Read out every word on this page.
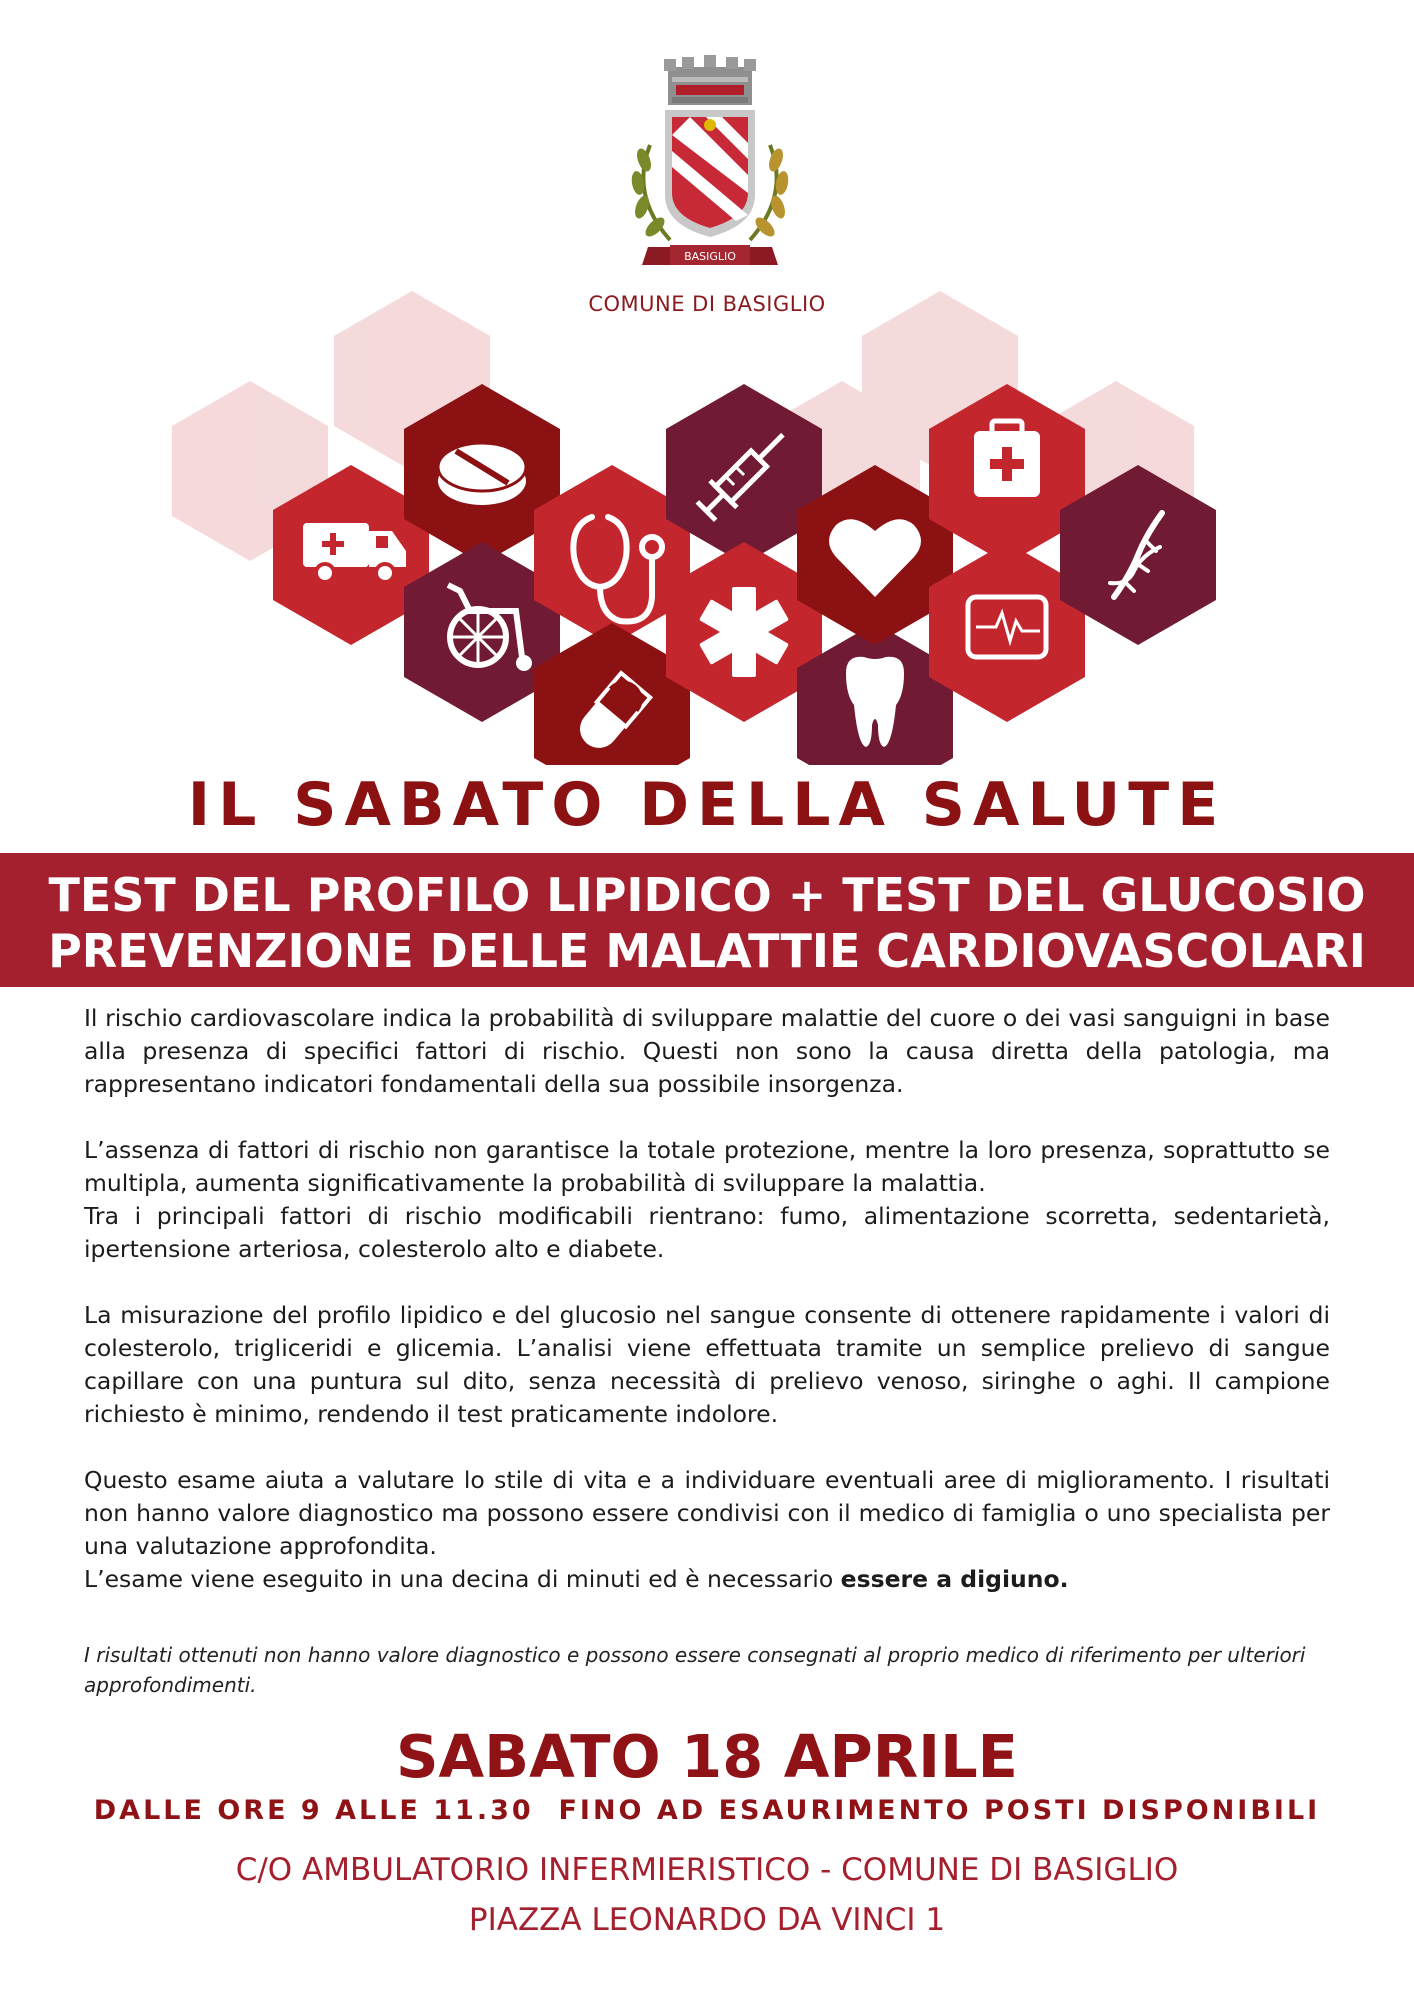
BASIGLIO
COMUNE DI BASIGLIO
IL SABATO DELLA SALUTE
TEST DEL PROFILO LIPIDICO + TEST DEL GLUCOSIO
PREVENZIONE DELLE MALATTIE CARDIOVASCOLARI

Il rischio cardiovascolare indica la probabilità di sviluppare malattie del cuore o dei vasi sanguigni in base alla presenza di specifici fattori di rischio. Questi non sono la causa diretta della patologia, ma rappresentano indicatori fondamentali della sua possibile insorgenza.

L’assenza di fattori di rischio non garantisce la totale protezione, mentre la loro presenza, soprattutto se multipla, aumenta significativamente la probabilità di sviluppare la malattia.

Tra i principali fattori di rischio modificabili rientrano: fumo, alimentazione scorretta, sedentarietà, ipertensione arteriosa, colesterolo alto e diabete.

La misurazione del profilo lipidico e del glucosio nel sangue consente di ottenere rapidamente i valori di colesterolo, trigliceridi e glicemia. L’analisi viene effettuata tramite un semplice prelievo di sangue capillare con una puntura sul dito, senza necessità di prelievo venoso, siringhe o aghi. Il campione richiesto è minimo, rendendo il test praticamente indolore.

Questo esame aiuta a valutare lo stile di vita e a individuare eventuali aree di miglioramento. I risultati non hanno valore diagnostico ma possono essere condivisi con il medico di famiglia o uno specialista per una valutazione approfondita.

L’esame viene eseguito in una decina di minuti ed è necessario essere a digiuno.

I risultati ottenuti non hanno valore diagnostico e possono essere consegnati al proprio medico di riferimento per ulteriori approfondimenti.
SABATO 18 APRILE
DALLE ORE 9 ALLE 11.30  FINO AD ESAURIMENTO POSTI DISPONIBILI
C/O AMBULATORIO INFERMIERISTICO - COMUNE DI BASIGLIO
PIAZZA LEONARDO DA VINCI 1
